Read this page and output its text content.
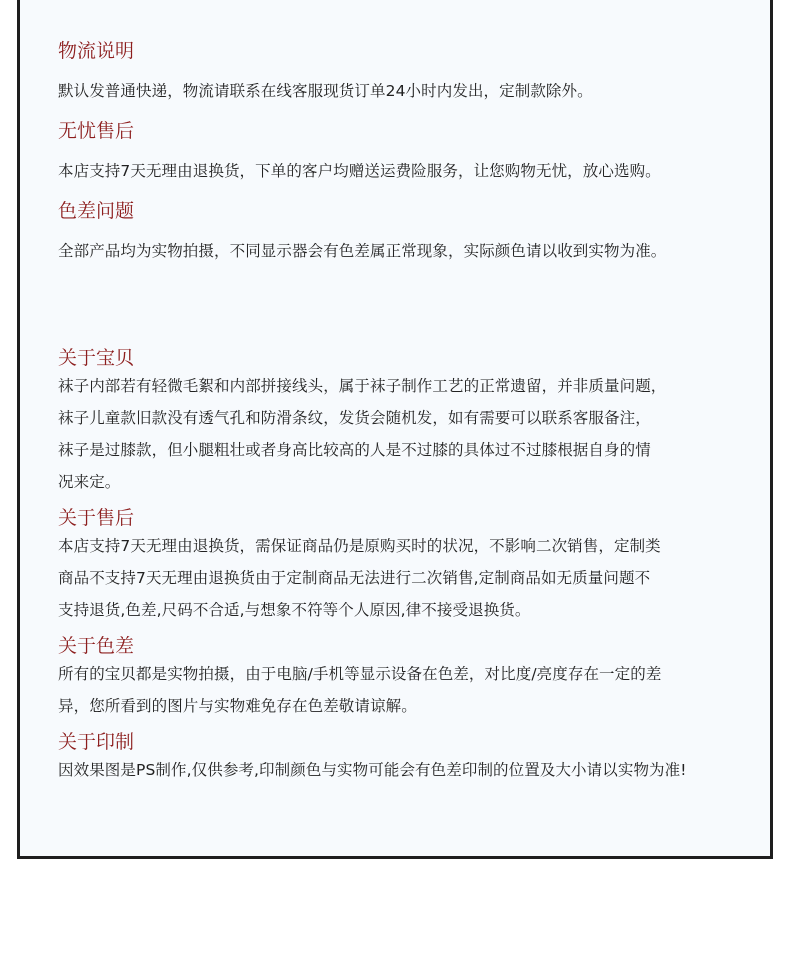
物流说明

默认发普通快递，物流请联系在线客服现货订单24小时内发出，定制款除外。

无忧售后

本店支持7天无理由退换货，下单的客户均赠送运费险服务，让您购物无忧，放心选购。

色差问题

全部产品均为实物拍摄，不同显示器会有色差属正常现象，实际颜色请以收到实物为准。

关于宝贝

袜子内部若有轻微毛絮和内部拼接线头，属于袜子制作工艺的正常遗留，并非质量问题，

袜子儿童款旧款没有透气孔和防滑条纹，发货会随机发，如有需要可以联系客服备注，

袜子是过膝款，但小腿粗壮或者身高比较高的人是不过膝的具体过不过膝根据自身的情

况来定。

关于售后

本店支持7天无理由退换货，需保证商品仍是原购买时的状况，不影响二次销售，定制类

商品不支持7天无理由退换货由于定制商品无法进行二次销售,定制商品如无质量问题不

支持退货,色差,尺码不合适,与想象不符等个人原因,律不接受退换货。

关于色差

所有的宝贝都是实物拍摄，由于电脑/手机等显示设备在色差，对比度/亮度存在一定的差

异，您所看到的图片与实物难免存在色差敬请谅解。

关于印制

因效果图是PS制作,仅供参考,印制颜色与实物可能会有色差印制的位置及大小请以实物为准!
